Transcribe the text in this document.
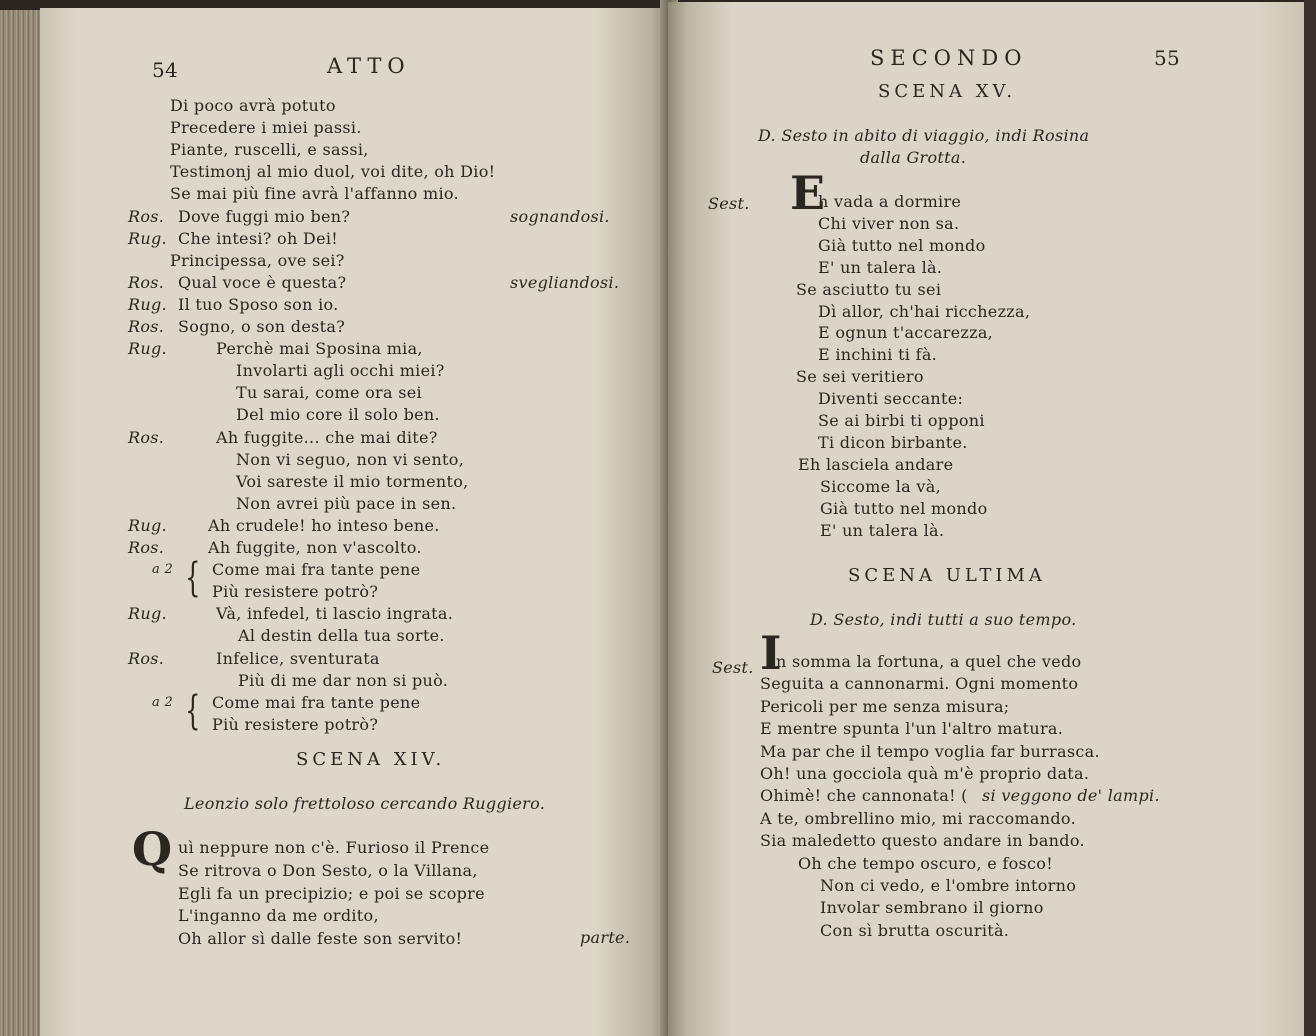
54	ATTO
Di poco avrà potuto
Precedere i miei passi.
Piante, ruscelli, e sassi,
Testimonj al mio duol, voi dite, oh Dio!
Se mai più fine avrà l'affanno mio.
Ros. Dove fuggi mio ben?	sognandosi.
Rug. Che intesi? oh Dei!
Principessa, ove sei?
Ros. Qual voce è questa?	svegliandosi.
Rug. Il tuo Sposo son io.
Ros. Sogno, o son desta?
Rug.	Perchè mai Sposina mia,
Involarti agli occhi miei?
Tu sarai, come ora sei
Del mio core il solo ben.
Ros.	Ah fuggite... che mai dite?
Non vi seguo, non vi sento,
Voi sareste il mio tormento,
Non avrei più pace in sen.
Rug.	Ah crudele! ho inteso bene.
Ros.	Ah fuggite, non v'ascolto.
a 2 Come mai fra tante pene
Più resistere potrò?
Rug.	Và, infedel, ti lascio ingrata.
Al destin della tua sorte.
Ros.	Infelice, sventurata
Più di me dar non si può.
a 2 Come mai fra tante pene
Più resistere potrò?
{
{
SCENA XIV.
Leonzio solo frettoloso cercando Ruggiero.
Q uì neppure non c'è. Furioso il Prence
Se ritrova o Don Sesto, o la Villana,
Egli fa un precipizio; e poi se scopre
L'inganno da me ordito,
Oh allor sì dalle feste son servito!	parte.
SECONDO	55
SCENA XV.
D. Sesto in abito di viaggio, indi Rosina
dalla Grotta.
Sest. E
SCENA ULTIMA
D. Sesto, indi tutti a suo tempo.
Sest. I
h vada a dormire
Chi viver non sa.
Già tutto nel mondo
E' un talera là.
Se asciutto tu sei
Dì allor, ch'hai ricchezza,
E ognun t'accarezza,
E inchini ti fà.
Se sei veritiero
Diventi seccante:
Se ai birbi ti opponi
Ti dicon birbante.
Eh lasciela andare
Siccome la và,
Già tutto nel mondo
E' un talera là.
n somma la fortuna, a quel che vedo
Seguita a cannonarmi. Ogni momento
Pericoli per me senza misura;
E mentre spunta l'un l'altro matura.
Ma par che il tempo voglia far burrasca.
Oh! una gocciola quà m'è proprio data.
Ohimè! che cannonata! (
A te, ombrellino mio, mi raccomando.
Sia maledetto questo andare in bando.
Oh che tempo oscuro, e fosco!
Non ci vedo, e l'ombre intorno
Involar sembrano il giorno
Con sì brutta oscurità.
si veggono de' lampi.
